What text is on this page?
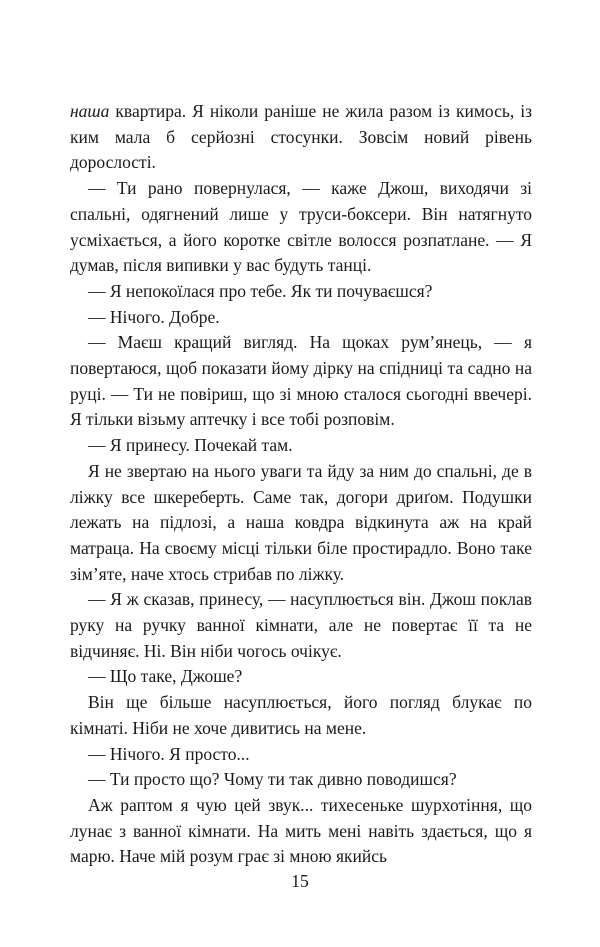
наша квартира. Я ніколи раніше не жила разом із кимось, із ким мала б серйозні стосунки. Зовсім новий рівень дорослості.

— Ти рано повернулася, — каже Джош, виходячи зі спальні, одягнений лише у труси-боксери. Він натягнуто усміхається, а його коротке світле волосся розпатлане. — Я думав, після випивки у вас будуть танці.

— Я непокоїлася про тебе. Як ти почуваєшся?

— Нічого. Добре.

— Маєш кращий вигляд. На щоках рум’янець, — я повертаюся, щоб показати йому дірку на спідниці та садно на руці. — Ти не повіриш, що зі мною сталося сьогодні ввечері. Я тільки візьму аптечку і все тобі розповім.

— Я принесу. Почекай там.

Я не звертаю на нього уваги та йду за ним до спальні, де в ліжку все шкереберть. Саме так, догори дриґом. Подушки лежать на підлозі, а наша ковдра відкинута аж на край матраца. На своєму місці тільки біле простирадло. Воно таке зім’яте, наче хтось стрибав по ліжку.

— Я ж сказав, принесу, — насуплюється він. Джош поклав руку на ручку ванної кімнати, але не повертає її та не відчиняє. Ні. Він ніби чогось очікує.

— Що таке, Джоше?

Він ще більше насуплюється, його погляд блукає по кімнаті. Ніби не хоче дивитись на мене.

— Нічого. Я просто...

— Ти просто що? Чому ти так дивно поводишся?

Аж раптом я чую цей звук... тихесеньке шурхотіння, що лунає з ванної кімнати. На мить мені навіть здається, що я марю. Наче мій розум грає зі мною якийсь

15
